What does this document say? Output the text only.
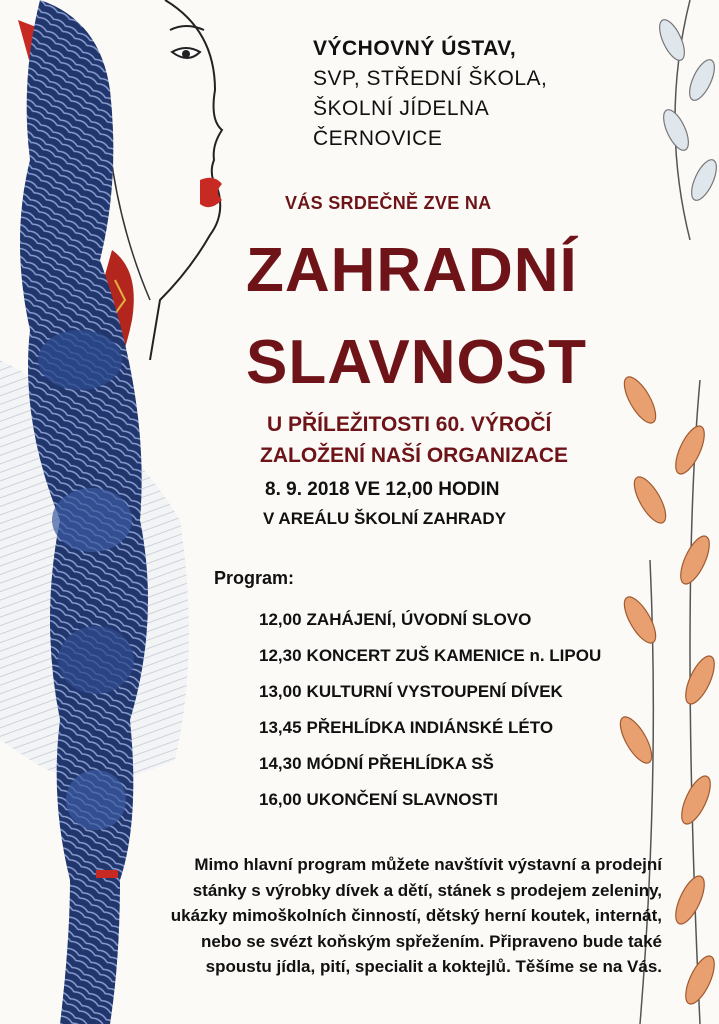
VÝCHOVNÝ ÚSTAV,
SVP, STŘEDNÍ ŠKOLA,
ŠKOLNÍ JÍDELNA
ČERNOVICE
VÁS SRDEČNĚ ZVE NA
ZAHRADNÍ
SLAVNOST
U PŘÍLEŽITOSTI 60. VÝROČÍ
ZALOŽENÍ NAŠÍ ORGANIZACE
8. 9. 2018 VE 12,00 HODIN
V AREÁLU ŠKOLNÍ ZAHRADY
Program:
12,00 ZAHÁJENÍ, ÚVODNÍ SLOVO
12,30 KONCERT ZUŠ KAMENICE n. LIPOU
13,00 KULTURNÍ VYSTOUPENÍ DÍVEK
13,45 PŘEHLÍDKA INDIÁNSKÉ LÉTO
14,30 MÓDNÍ PŘEHLÍDKA SŠ
16,00 UKONČENÍ SLAVNOSTI

Mimo hlavní program můžete navštívit výstavní a prodejní stánky s výrobky dívek a dětí, stánek s prodejem zeleniny, ukázky mimoškolních činností, dětský herní koutek, internát, nebo se svézt koňským spřežením. Připraveno bude také spoustu jídla, pití, specialit a koktejlů. Těšíme se na Vás.
